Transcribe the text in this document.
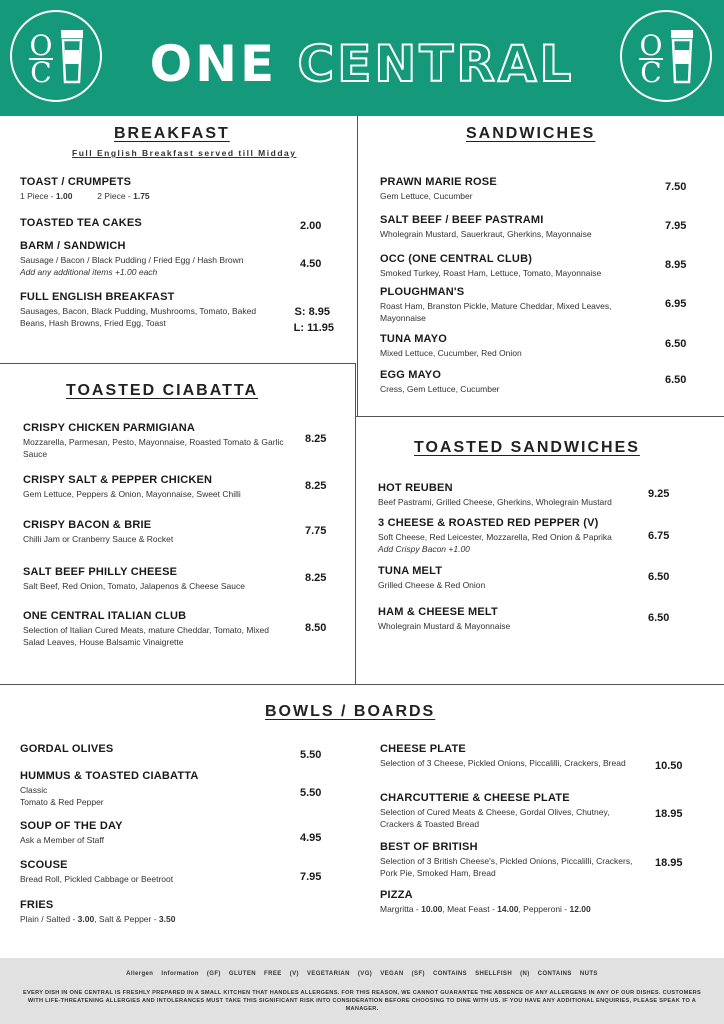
O
C	ONE CENTRAL	O
C
BREAKFAST
Full English Breakfast served till Midday
TOAST / CRUMPETS
1 Piece - 1.00	2 Piece - 1.75
TOASTED TEA CAKES	2.00
BARM / SANDWICH
Sausage / Bacon / Black Pudding / Fried Egg / Hash Brown
Add any additional items +1.00 each
4.50
FULL ENGLISH BREAKFAST
Sausages, Bacon, Black Pudding, Mushrooms, Tomato, Baked Beans, Hash Browns, Fried Egg, Toast
S: 8.95
L: 11.95
SANDWICHES
PRAWN MARIE ROSE
Gem Lettuce, Cucumber
7.50
SALT BEEF / BEEF PASTRAMI
Wholegrain Mustard, Sauerkraut, Gherkins, Mayonnaise
7.95
OCC (ONE CENTRAL CLUB)
Smoked Turkey, Roast Ham, Lettuce, Tomato, Mayonnaise
8.95
PLOUGHMAN'S
Roast Ham, Branston Pickle, Mature Cheddar, Mixed Leaves, Mayonnaise
6.95
TUNA MAYO
Mixed Lettuce, Cucumber, Red Onion
6.50
EGG MAYO
Cress, Gem Lettuce, Cucumber
6.50
TOASTED CIABATTA
CRISPY CHICKEN PARMIGIANA
Mozzarella, Parmesan, Pesto, Mayonnaise, Roasted Tomato & Garlic Sauce
8.25
CRISPY SALT & PEPPER CHICKEN
Gem Lettuce, Peppers & Onion, Mayonnaise, Sweet Chilli
8.25
CRISPY BACON & BRIE
Chilli Jam or Cranberry Sauce & Rocket
7.75
SALT BEEF PHILLY CHEESE
Salt Beef, Red Onion, Tomato, Jalapenos & Cheese Sauce
8.25
ONE CENTRAL ITALIAN CLUB
Selection of Italian Cured Meats, mature Cheddar, Tomato, Mixed Salad Leaves, House Balsamic Vinaigrette
8.50
TOASTED SANDWICHES
HOT REUBEN
Beef Pastrami, Grilled Cheese, Gherkins, Wholegrain Mustard
9.25
3 CHEESE & ROASTED RED PEPPER (V)
Soft Cheese, Red Leicester, Mozzarella, Red Onion & Paprika
Add Crispy Bacon +1.00
6.75
TUNA MELT
Grilled Cheese & Red Onion
6.50
HAM & CHEESE MELT
Wholegrain Mustard & Mayonnaise
6.50
BOWLS / BOARDS
GORDAL OLIVES	5.50
HUMMUS & TOASTED CIABATTA
Classic
Tomato & Red Pepper
5.50
SOUP OF THE DAY
Ask a Member of Staff	4.95
SCOUSE
Bread Roll, Pickled Cabbage or Beetroot	7.95
FRIES
Plain / Salted - 3.00, Salt & Pepper - 3.50
CHEESE PLATE
Selection of 3 Cheese, Pickled Onions, Piccalilli, Crackers, Bread	10.50
CHARCUTTERIE & CHEESE PLATE
Selection of Cured Meats & Cheese, Gordal Olives, Chutney, Crackers & Toasted Bread
18.95
BEST OF BRITISH
Selection of 3 British Cheese's, Pickled Onions, Piccalilli, Crackers, Pork Pie, Smoked Ham, Bread
18.95
PIZZA
Margritta - 10.00, Meat Feast - 14.00, Pepperoni - 12.00
Allergen Information (GF) GLUTEN FREE (V) VEGETARIAN (VG) VEGAN (SF) CONTAINS SHELLFISH (N) CONTAINS NUTS
EVERY DISH IN ONE CENTRAL IS FRESHLY PREPARED IN A SMALL KITCHEN THAT HANDLES ALLERGENS. FOR THIS REASON, WE CANNOT GUARANTEE THE ABSENCE OF ANY ALLERGENS IN ANY OF OUR DISHES. CUSTOMERS WITH LIFE-THREATENING ALLERGIES AND INTOLERANCES MUST TAKE THIS SIGNIFICANT RISK INTO CONSIDERATION BEFORE CHOOSING TO DINE WITH US. IF YOU HAVE ANY ADDITIONAL ENQUIRIES, PLEASE SPEAK TO A MANAGER.
